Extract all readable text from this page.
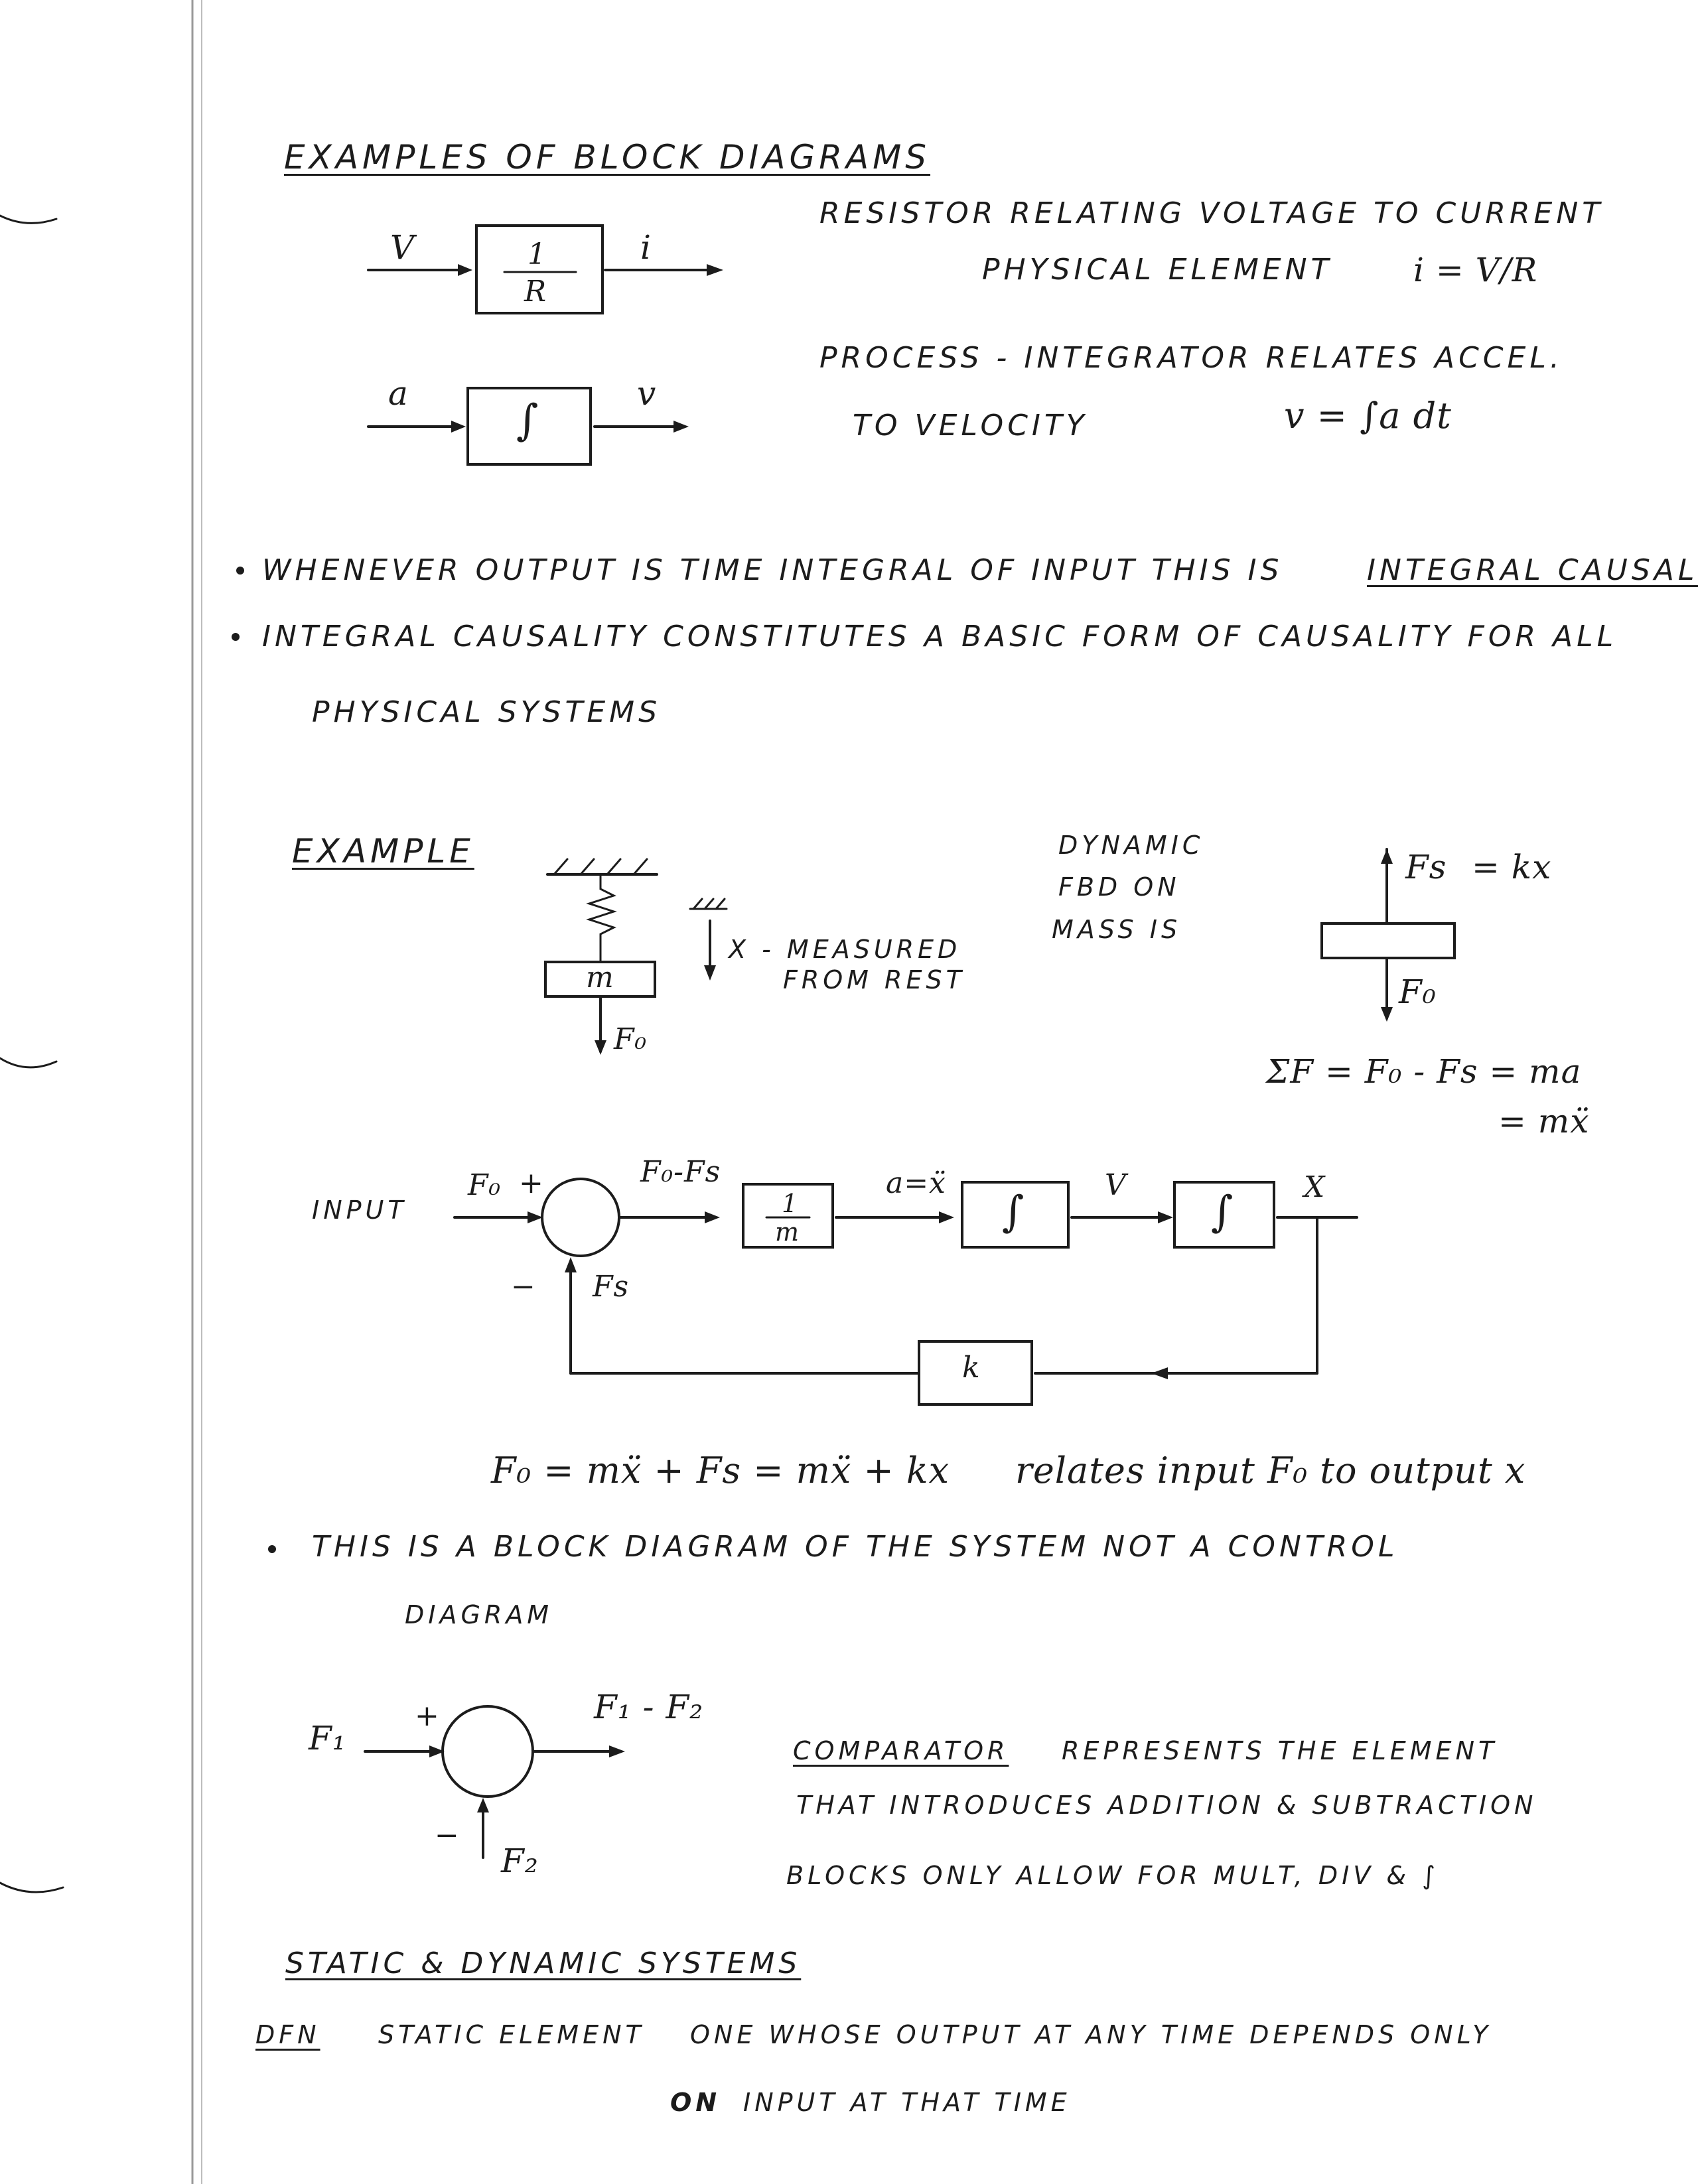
EXAMPLES OF BLOCK DIAGRAMS
V	1
R
i
RESISTOR RELATING VOLTAGE TO CURRENT
PHYSICAL ELEMENT i = V/R
a
∫
v
PROCESS - INTEGRATOR RELATES ACCEL.
TO VELOCITY	v = ∫a dt
WHENEVER OUTPUT IS TIME INTEGRAL OF INPUT THIS IS	INTEGRAL CAUSAL
INTEGRAL CAUSALITY CONSTITUTES A BASIC FORM OF CAUSALITY FOR ALL
PHYSICAL SYSTEMS
EXAMPLE
m
F₀
X - MEASURED
FROM REST
DYNAMIC
FBD ON
MASS IS
Fs = kx
F₀
ΣF = F₀ - Fs = ma
= mẍ
INPUT
F₀ +
− Fs
F₀-Fs
1
m
a=ẍ
∫
V
∫
X
k
F₀ = mẍ + Fs = mẍ + kx relates input F₀ to output x
THIS IS A BLOCK DIAGRAM OF THE SYSTEM NOT A CONTROL
DIAGRAM
F₁
+
−
F₂
F₁ - F₂
COMPARATOR REPRESENTS THE ELEMENT
THAT INTRODUCES ADDITION & SUBTRACTION
BLOCKS ONLY ALLOW FOR MULT, DIV & ∫
STATIC & DYNAMIC SYSTEMS
DFN STATIC ELEMENT ONE WHOSE OUTPUT AT ANY TIME DEPENDS ONLY
ON INPUT AT THAT TIME
